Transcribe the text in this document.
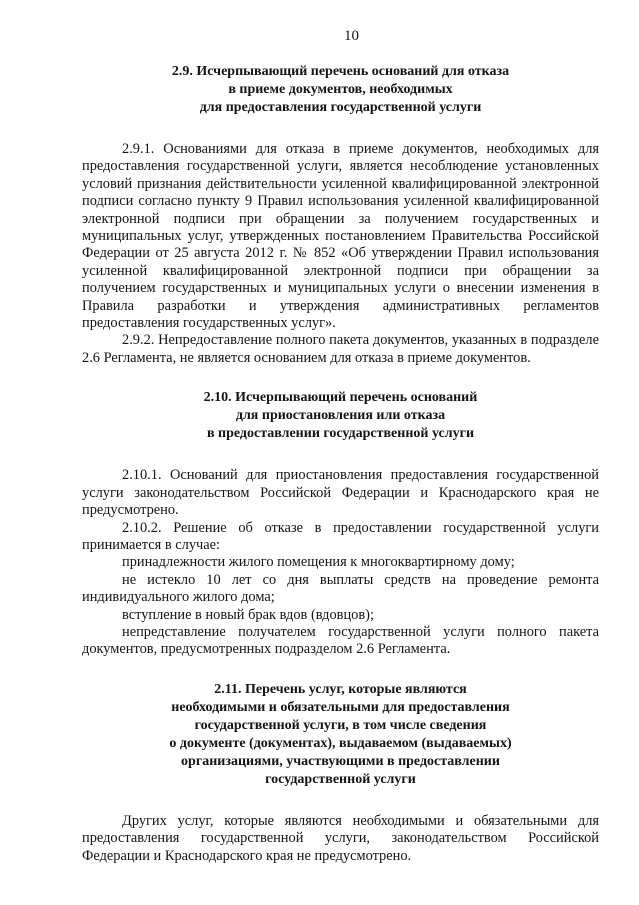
10
2.9. Исчерпывающий перечень оснований для отказа
в приеме документов, необходимых
для предоставления государственной услуги

2.9.1. Основаниями для отказа в приеме документов, необходимых для предоставления государственной услуги, является несоблюдение установленных условий признания действительности усиленной квалифицированной электронной подписи согласно пункту 9 Правил использования усиленной квалифицированной электронной подписи при обращении за получением государственных и муниципальных услуг, утвержденных постановлением Правительства Российской Федерации от 25 августа 2012 г. № 852 «Об утверждении Правил использования усиленной квалифицированной электронной подписи при обращении за получением государственных и муниципальных услуги о внесении изменения в Правила разработки и утверждения административных регламентов предоставления государственных услуг».

2.9.2. Непредоставление полного пакета документов, указанных в подразделе 2.6 Регламента, не является основанием для отказа в приеме документов.

2.10. Исчерпывающий перечень оснований
для приостановления или отказа
в предоставлении государственной услуги

2.10.1. Оснований для приостановления предоставления государственной услуги законодательством Российской Федерации и Краснодарского края не предусмотрено.

2.10.2. Решение об отказе в предоставлении государственной услуги принимается в случае:

принадлежности жилого помещения к многоквартирному дому;

не истекло 10 лет со дня выплаты средств на проведение ремонта индивидуального жилого дома;

вступление в новый брак вдов (вдовцов);

непредставление получателем государственной услуги полного пакета документов, предусмотренных подразделом 2.6 Регламента.

2.11. Перечень услуг, которые являются
необходимыми и обязательными для предоставления
государственной услуги, в том числе сведения
о документе (документах), выдаваемом (выдаваемых)
организациями, участвующими в предоставлении
государственной услуги

Других услуг, которые являются необходимыми и обязательными для предоставления государственной услуги, законодательством Российской Федерации и Краснодарского края не предусмотрено.
